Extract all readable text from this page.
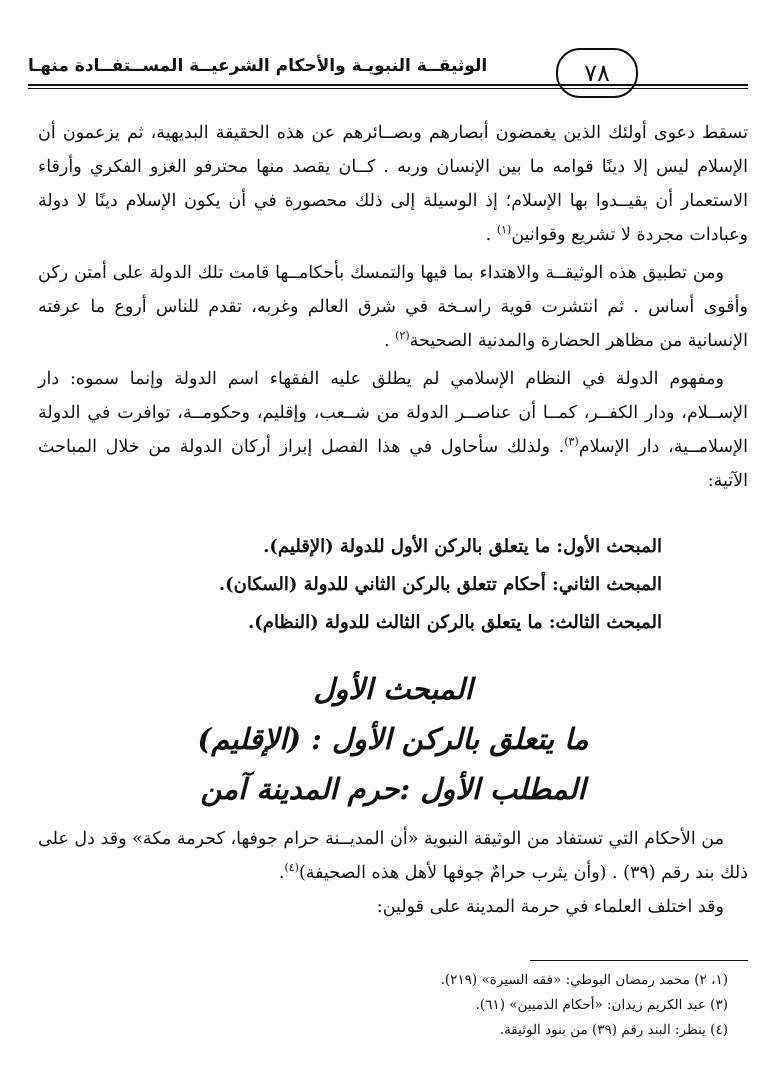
٧٨
الوثيقــة النبويـة والأحكام الشرعيــة المســتفــادة منهـا

تسقط دعوى أولئك الذين يغمضون أبصارهم وبصــائرهم عن هذه الحقيقة البديهية، ثم يزعمون أن الإسلام ليس إلا دينًا قوامه ما بين الإنسان وربه . كــان يقصد منها محترفو الغزو الفكري وأرقاء الاستعمار أن يقيــدوا بها الإسلام؛ إذ الوسيلة إلى ذلك محصورة في أن يكون الإسلام دينًا لا دولة وعبادات مجردة لا تشريع وقوانين$^{(١)}$ .

ومن تطبيق هذه الوثيقــة والاهتداء بما فيها والتمسك بأحكامــها قامت تلك الدولة على أمتن ركن وأقوى أساس . ثم انتشرت قوية راسـخة في شرق العالم وغربه، تقدم للناس أروع ما عرفته الإنسانية من مظاهر الحضارة والمدنية الصحيحة$^{(٢)}$ .

ومفهوم الدولة في النظام الإسلامي لم يطلق عليه الفقهاء اسم الدولة وإنما سموه: دار الإســلام، ودار الكفــر، كمــا أن عناصــر الدولة من شــعب، وإقليم، وحكومــة، توافرت في الدولة الإسلامــية، دار الإسلام$^{(٣)}$. ولذلك سأحاول في هذا الفصل إبراز أركان الدولة من خلال المباحث الآتية:

المبحث الأول: ما يتعلق بالركن الأول للدولة (الإقليم).
المبحث الثاني: أحكام تتعلق بالركن الثاني للدولة (السكان).
المبحث الثالث: ما يتعلق بالركن الثالث للدولة (النظام).
المبحث الأول
ما يتعلق بالركن الأول : (الإقليم)
المطلب الأول :حرم المدينة آمن

من الأحكام التي تستفاد من الوثيقة النبوية «أن المديــنة حرام جوفها، كحرمة مكة» وقد دل على ذلك بند رقم (٣٩) . (وأن يثرب حرامٌ جوفها لأهل هذه الصحيفة)$^{(٤)}$.

وقد اختلف العلماء في حرمة المدينة على قولين:

(١، ٢) محمد رمضان البوطي: «فقه السيرة» (٢١٩).
(٣) عبد الكريم زيدان: «أحكام الذميين» (٦١).
(٤) ينظر: البند رقم (٣٩) من بنود الوثيقة.
